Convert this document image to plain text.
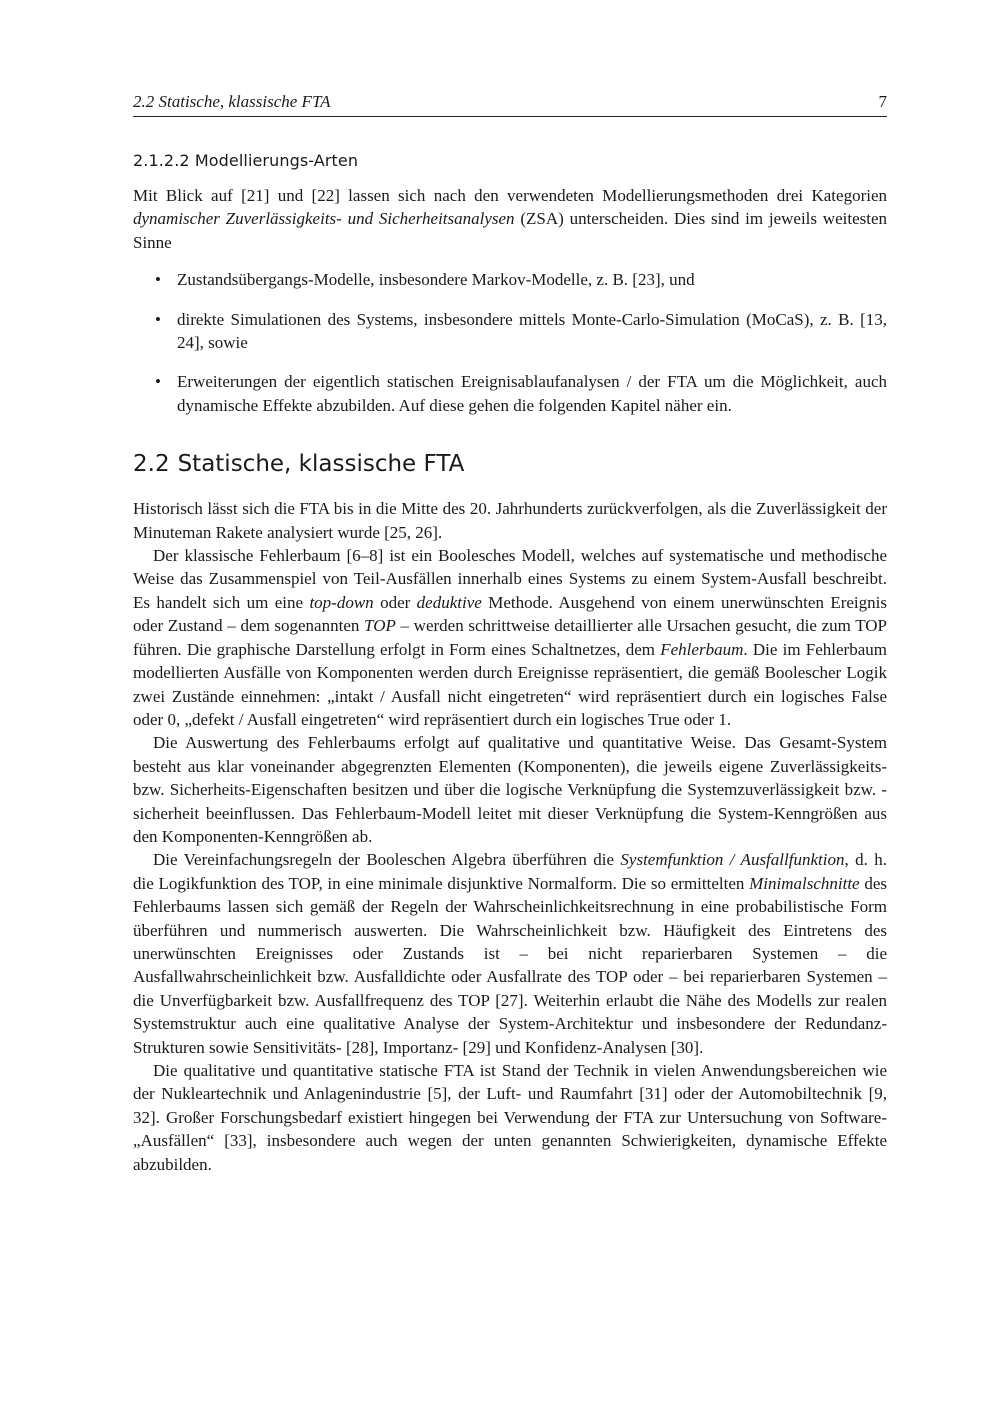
2.2 Statische, klassische FTA	7
2.1.2.2 Modellierungs-Arten

Mit Blick auf [21] und [22] lassen sich nach den verwendeten Modellierungsmethoden drei Kategorien dynamischer Zuverlässigkeits- und Sicherheitsanalysen (ZSA) unterscheiden. Dies sind im jeweils weitesten Sinne

• Zustandsübergangs-Modelle, insbesondere Markov-Modelle, z. B. [23], und
• direkte Simulationen des Systems, insbesondere mittels Monte-Carlo-Simulation (MoCaS), z. B. [13, 24], sowie
• Erweiterungen der eigentlich statischen Ereignisablaufanalysen / der FTA um die Möglichkeit, auch dynamische Effekte abzubilden. Auf diese gehen die folgenden Kapitel näher ein.
2.2 Statische, klassische FTA

Historisch lässt sich die FTA bis in die Mitte des 20. Jahrhunderts zurückverfolgen, als die Zuverlässigkeit der Minuteman Rakete analysiert wurde [25, 26].

Der klassische Fehlerbaum [6–8] ist ein Boolesches Modell, welches auf systematische und methodische Weise das Zusammenspiel von Teil-Ausfällen innerhalb eines Systems zu einem System-Ausfall beschreibt. Es handelt sich um eine top-down oder deduktive Methode. Ausgehend von einem unerwünschten Ereignis oder Zustand – dem sogenannten TOP – werden schrittweise detaillierter alle Ursachen gesucht, die zum TOP führen. Die graphische Darstellung erfolgt in Form eines Schaltnetzes, dem Fehlerbaum. Die im Fehlerbaum modellierten Ausfälle von Komponenten werden durch Ereignisse repräsentiert, die gemäß Boolescher Logik zwei Zustände einnehmen: „intakt / Ausfall nicht eingetreten“ wird repräsentiert durch ein logisches False oder 0, „defekt / Ausfall eingetreten“ wird repräsentiert durch ein logisches True oder 1.

Die Auswertung des Fehlerbaums erfolgt auf qualitative und quantitative Weise. Das Gesamt-System besteht aus klar voneinander abgegrenzten Elementen (Komponenten), die jeweils eigene Zuverlässigkeits- bzw. Sicherheits-Eigenschaften besitzen und über die logische Verknüpfung die Systemzuverlässigkeit bzw. -sicherheit beeinflussen. Das Fehlerbaum-Modell leitet mit dieser Verknüpfung die System-Kenngrößen aus den Komponenten-Kenngrößen ab.

Die Vereinfachungsregeln der Booleschen Algebra überführen die Systemfunktion / Ausfallfunktion, d. h. die Logikfunktion des TOP, in eine minimale disjunktive Normalform. Die so ermittelten Minimalschnitte des Fehlerbaums lassen sich gemäß der Regeln der Wahrscheinlichkeitsrechnung in eine probabilistische Form überführen und nummerisch auswerten. Die Wahrscheinlichkeit bzw. Häufigkeit des Eintretens des unerwünschten Ereignisses oder Zustands ist – bei nicht reparierbaren Systemen – die Ausfallwahrscheinlichkeit bzw. Ausfalldichte oder Ausfallrate des TOP oder – bei reparierbaren Systemen – die Unverfügbarkeit bzw. Ausfallfrequenz des TOP [27]. Weiterhin erlaubt die Nähe des Modells zur realen Systemstruktur auch eine qualitative Analyse der System-Architektur und insbesondere der Redundanz-Strukturen sowie Sensitivitäts- [28], Importanz- [29] und Konfidenz-Analysen [30].

Die qualitative und quantitative statische FTA ist Stand der Technik in vielen Anwendungsbereichen wie der Nukleartechnik und Anlagenindustrie [5], der Luft- und Raumfahrt [31] oder der Automobiltechnik [9, 32]. Großer Forschungsbedarf existiert hingegen bei Verwendung der FTA zur Untersuchung von Software-„Ausfällen“ [33], insbesondere auch wegen der unten genannten Schwierigkeiten, dynamische Effekte abzubilden.
